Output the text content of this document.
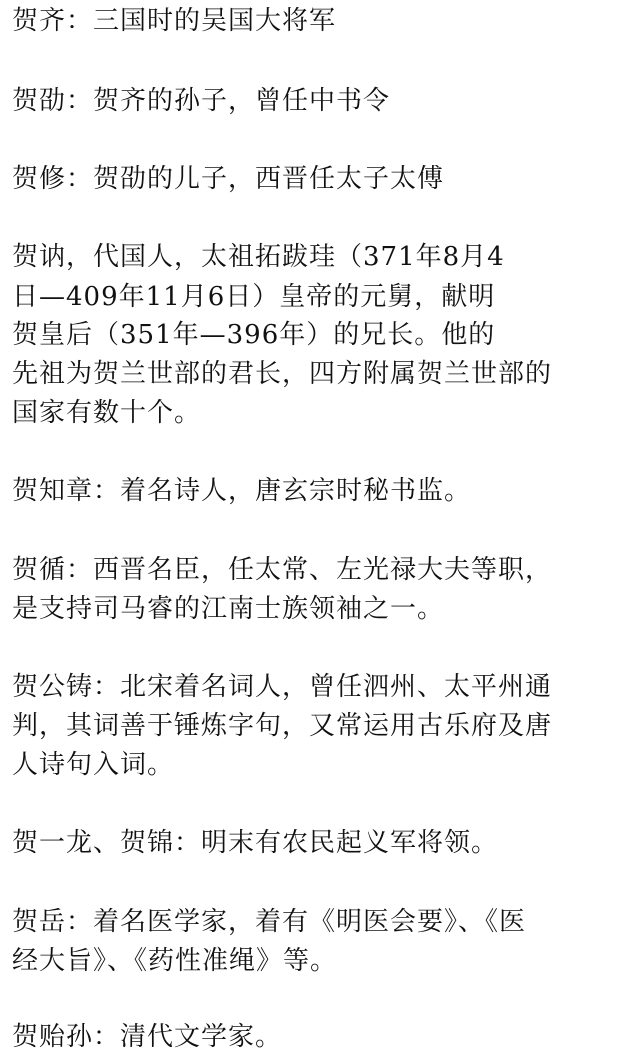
贺齐：三国时的吴国大将军
贺劭：贺齐的孙子，曾任中书令
贺修：贺劭的儿子，西晋任太子太傅
贺讷，代国人，太祖拓跋珪（371年8月4
日—409年11月6日）皇帝的元舅，献明
贺皇后（351年—396年）的兄长。他的
先祖为贺兰世部的君长，四方附属贺兰世部的
国家有数十个。
贺知章：着名诗人，唐玄宗时秘书监。
贺循：西晋名臣，任太常、左光禄大夫等职，
是支持司马睿的江南士族领袖之一。
贺公铸：北宋着名词人，曾任泗州、太平州通
判，其词善于锤炼字句，又常运用古乐府及唐
人诗句入词。
贺一龙、贺锦：明末有农民起义军将领。
贺岳：着名医学家，着有《明医会要》、《医
经大旨》、《药性准绳》等。
贺贻孙：清代文学家。
